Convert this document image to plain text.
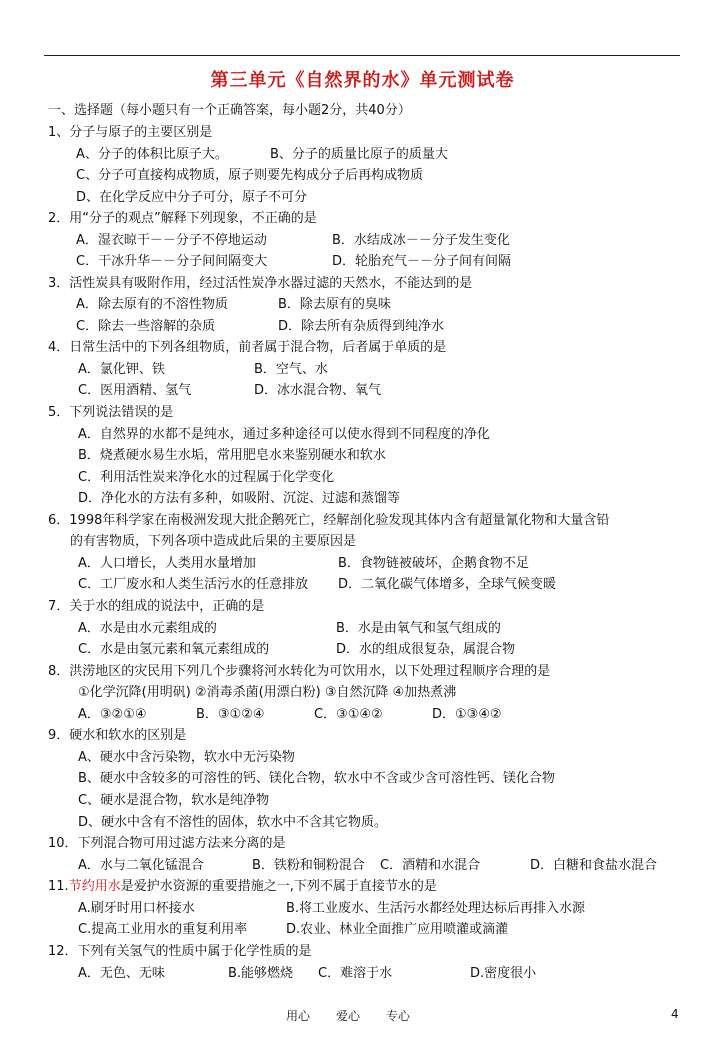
第三单元《自然界的水》单元测试卷
一、选择题（每小题只有一个正确答案，每小题2分，共40分）
1、分子与原子的主要区别是
A、分子的体积比原子大。	B、分子的质量比原子的质量大
C、分子可直接构成物质，原子则要先构成分子后再构成物质
D、在化学反应中分子可分，原子不可分
2．用“分子的观点”解释下列现象，不正确的是
A．湿衣晾干－－分子不停地运动	B．水结成冰－－分子发生变化
C．干冰升华－－分子间间隔变大	D．轮胎充气－－分子间有间隔
3．活性炭具有吸附作用，经过活性炭净水器过滤的天然水，不能达到的是
A．除去原有的不溶性物质	B．除去原有的臭味
C．除去一些溶解的杂质	D．除去所有杂质得到纯净水
4．日常生活中的下列各组物质，前者属于混合物，后者属于单质的是
A．氯化钾、铁	B．空气、水
C．医用酒精、氢气	D．冰水混合物、氧气
5．下列说法错误的是
A．自然界的水都不是纯水，通过多种途径可以使水得到不同程度的净化
B．烧煮硬水易生水垢，常用肥皂水来鉴别硬水和软水
C．利用活性炭来净化水的过程属于化学变化
D．净化水的方法有多种，如吸附、沉淀、过滤和蒸馏等
6．1998年科学家在南极洲发现大批企鹅死亡，经解剖化验发现其体内含有超量氰化物和大量含铅
的有害物质，下列各项中造成此后果的主要原因是
A．人口增长，人类用水量增加	B．食物链被破坏，企鹅食物不足
C．工厂废水和人类生活污水的任意排放 D．二氧化碳气体增多，全球气候变暖
7．关于水的组成的说法中，正确的是
A．水是由水元素组成的	B．水是由氧气和氢气组成的
C．水是由氢元素和氧元素组成的	D．水的组成很复杂，属混合物
8．洪涝地区的灾民用下列几个步骤将河水转化为可饮用水，以下处理过程顺序合理的是
①化学沉降(用明矾) ②消毒杀菌(用漂白粉) ③自然沉降 ④加热煮沸
A．③②①④	B．③①②④	C．③①④②	D．①③④②
9．硬水和软水的区别是
A、硬水中含污染物，软水中无污染物
B、硬水中含较多的可溶性的钙、镁化合物，软水中不含或少含可溶性钙、镁化合物
C、硬水是混合物，软水是纯净物
D、硬水中含有不溶性的固体，软水中不含其它物质。
10．下列混合物可用过滤方法来分离的是
A．水与二氧化锰混合	B．铁粉和铜粉混合 C．酒精和水混合	D．白糖和食盐水混合
11.节约用水是爱护水资源的重要措施之一,下列不属于直接节水的是
A.刷牙时用口杯接水	B.将工业废水、生活污水都经处理达标后再排入水源
C.提高工业用水的重复利用率	D.农业、林业全面推广应用喷灌或滴灌
12．下列有关氢气的性质中属于化学性质的是
A．无色、无味	B.能够燃烧 C．难溶于水	D.密度很小
用心 爱心 专心	4
